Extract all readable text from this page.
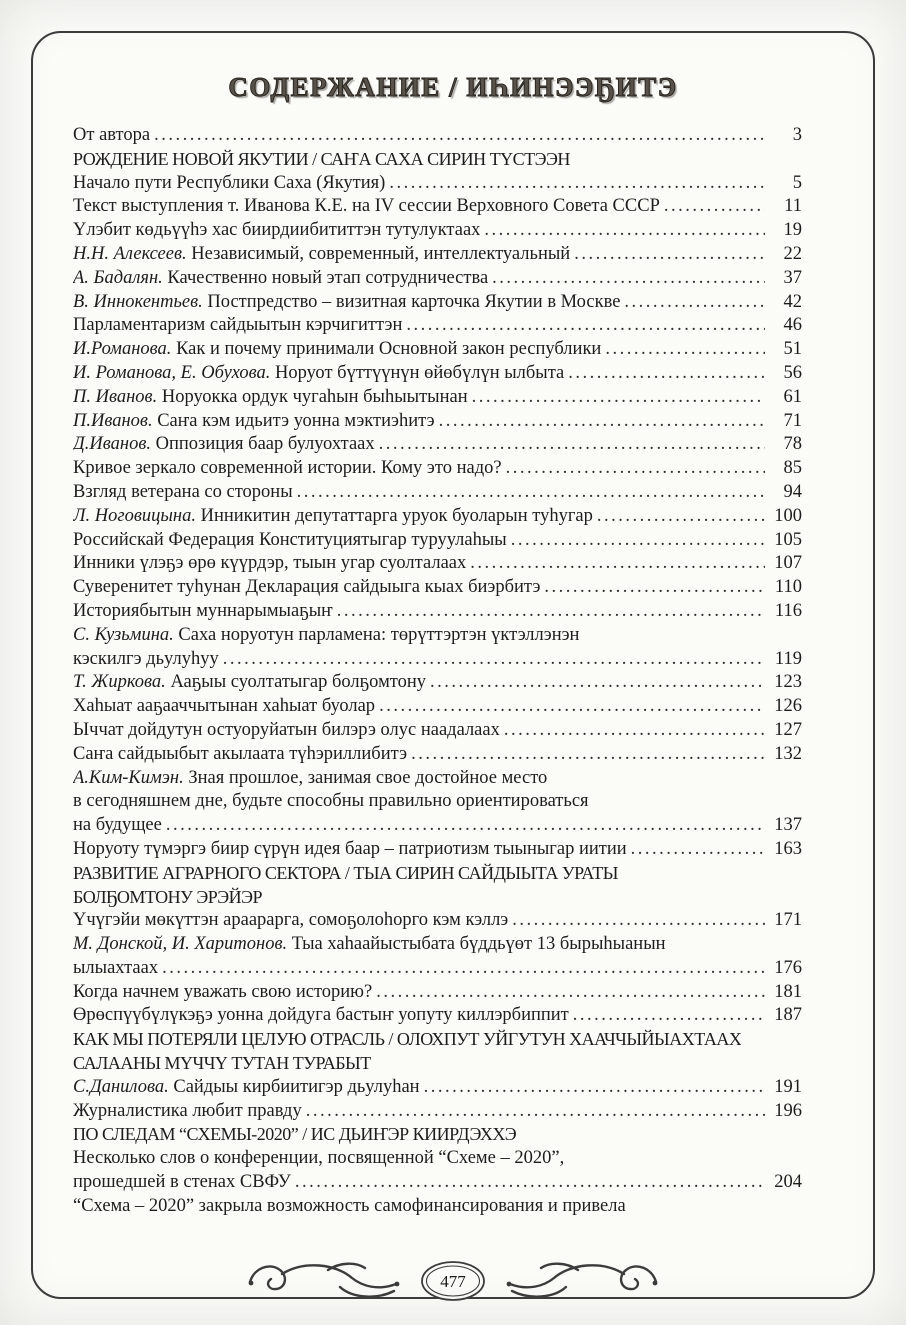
СОДЕРЖАНИЕ / ИҺИНЭЭҔИТЭ
От автора .....	3
РОЖДЕНИЕ НОВОЙ ЯКУТИИ / САҤА САХА СИРИН ТҮСТЭЭН
Начало пути Республики Саха (Якутия) .....	5
Текст выступления т. Иванова К.Е. на IV сессии Верховного Совета СССР .....	11
Үлэбит көдьүүһэ хас биирдиибититтэн тутулуктаах .....	19
Н.Н. Алексеев. Независимый, современный, интеллектуальный .....	22
А. Бадалян. Качественно новый этап сотрудничества .....	37
В. Иннокентьев. Постпредство – визитная карточка Якутии в Москве .....	42
Парламентаризм сайдыытын кэрчигиттэн .....	46
И.Романова. Как и почему принимали Основной закон республики .....	51
И. Романова, Е. Обухова. Норуот бүттүүнүн өйөбүлүн ылбыта .....	56
П. Иванов. Норуокка ордук чугаһын быһыытынан .....	61
П.Иванов. Саҥа кэм идьитэ уонна мэктиэһитэ .....	71
Д.Иванов. Оппозиция баар булуохтаах .....	78
Кривое зеркало современной истории. Кому это надо? .....	85
Взгляд ветерана со стороны .....	94
Л. Ноговицына. Инникитин депутаттарга уруок буоларын туһугар .....	100
Российскай Федерация Конституциятыгар туруулаһыы .....	105
Инники үлэҕэ өрө күүрдэр, тыын угар суолталаах .....	107
Суверенитет туһунан Декларация сайдыыга кыах биэрбитэ .....	110
Историябытын муннарымыаҕыҥ .....	116
С. Кузьмина. Саха норуотун парламена: төрүттэртэн үктэллэнэн
кэскилгэ дьулуһуу .....	119
Т. Жиркова. Ааҕыы суолтатыгар болҕомтону .....	123
Хаһыат ааҕааччытынан хаһыат буолар .....	126
Ыччат дойдутун остуоруйатын билэрэ олус наадалаах .....	127
Саҥа сайдыыбыт акылаата түһэриллибитэ .....	132
А.Ким-Кимэн. Зная прошлое, занимая свое достойное место
в сегодняшнем дне, будьте способны правильно ориентироваться
на будущее .....	137
Норуоту түмэргэ биир сүрүн идея баар – патриотизм тыыныгар иитии .....	163
РАЗВИТИЕ АГРАРНОГО СЕКТОРА / ТЫА СИРИН САЙДЫЫТА УРАТЫ
БОЛҔОМТОНУ ЭРЭЙЭР
Үчүгэйи мөкүттэн араарарга, сомоҕолоһорго кэм кэллэ .....	171
М. Донской, И. Харитонов. Тыа хаһаайыстыбата бүддьүөт 13 бырыһыанын
ылыахтаах .....	176
Когда начнем уважать свою историю? .....	181
Өрөспүүбүлүкэҕэ уонна дойдуга бастыҥ уопуту киллэрбиппит .....	187
КАК МЫ ПОТЕРЯЛИ ЦЕЛУЮ ОТРАСЛЬ / ОЛОХПУТ УЙГУТУН ХААЧЧЫЙЫАХТААХ
САЛААНЫ МҮЧЧҮ ТУТАН ТУРАБЫТ
С.Данилова. Сайдыы кирбиитигэр дьулуһан .....	191
Журналистика любит правду .....	196
ПО СЛЕДАМ “СХЕМЫ-2020” / ИС ДЬИҤЭР КИИРДЭХХЭ
Несколько слов о конференции, посвященной “Схеме – 2020”,
прошедшей в стенах СВФУ .....	204
“Схема – 2020” закрыла возможность самофинансирования и привела
477
